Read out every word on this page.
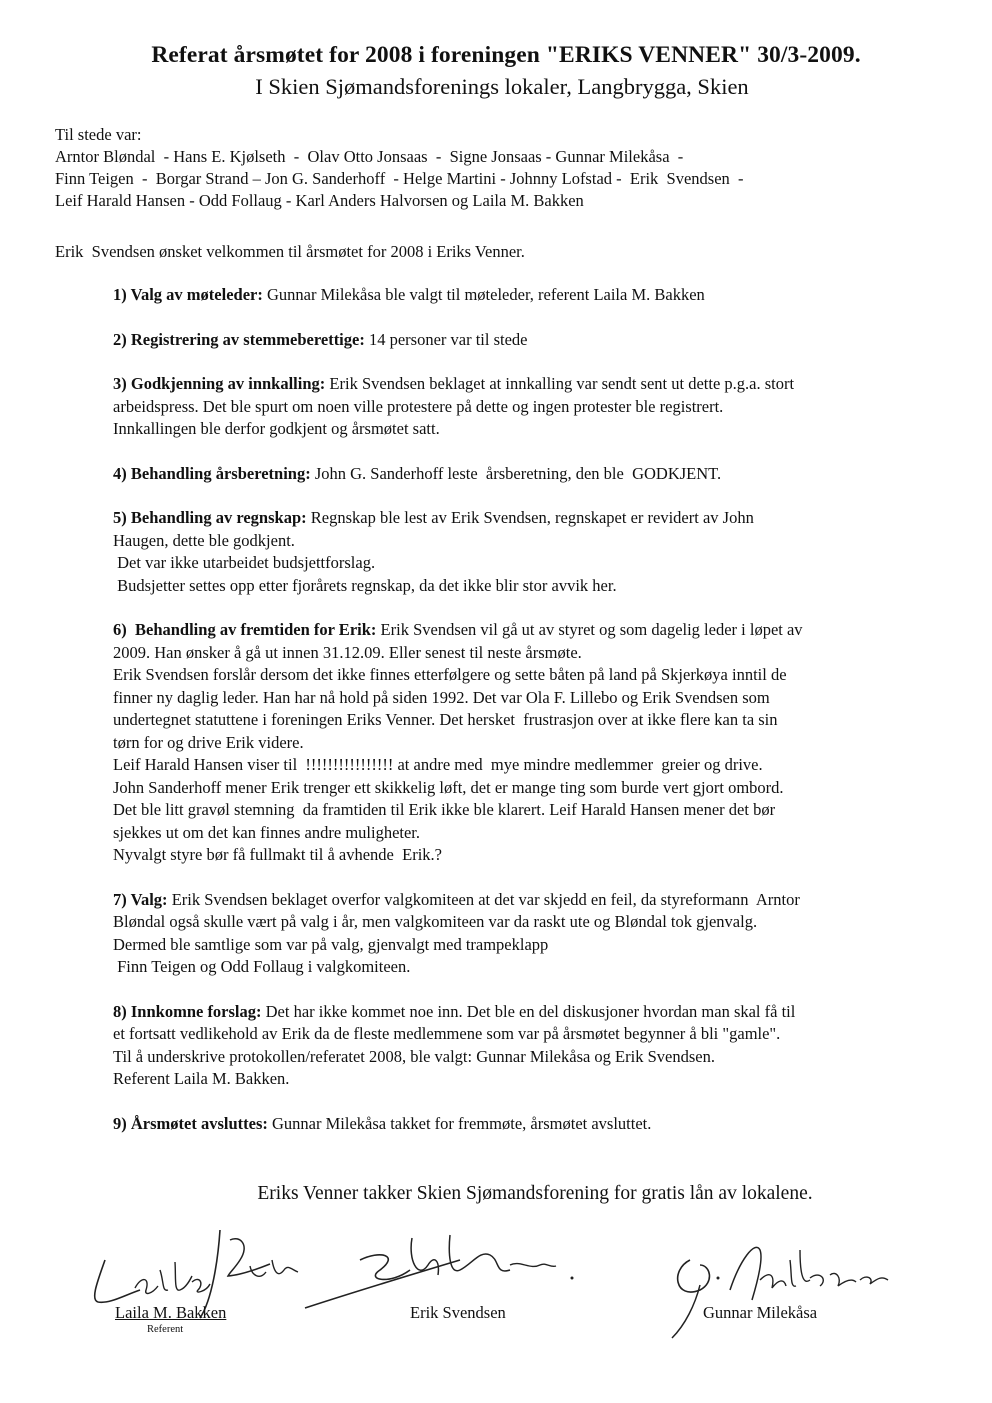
Referat årsmøtet for 2008 i foreningen "ERIKS VENNER" 30/3-2009.
I Skien Sjømandsforenings lokaler, Langbrygga, Skien
Til stede var:
Arntor Bløndal  - Hans E. Kjølseth  -  Olav Otto Jonsaas  -  Signe Jonsaas - Gunnar Milekåsa  -
Finn Teigen  -  Borgar Strand – Jon G. Sanderhoff  - Helge Martini - Johnny Lofstad -  Erik  Svendsen  -
Leif Harald Hansen - Odd Follaug - Karl Anders Halvorsen og Laila M. Bakken
Erik  Svendsen ønsket velkommen til årsmøtet for 2008 i Eriks Venner.
1) Valg av møteleder: Gunnar Milekåsa ble valgt til møteleder, referent Laila M. Bakken
2) Registrering av stemmeberettige: 14 personer var til stede
3) Godkjenning av innkalling: Erik Svendsen beklaget at innkalling var sendt sent ut dette p.g.a. stort
arbeidspress. Det ble spurt om noen ville protestere på dette og ingen protester ble registrert.
Innkallingen ble derfor godkjent og årsmøtet satt.
4) Behandling årsberetning: John G. Sanderhoff leste  årsberetning, den ble  GODKJENT.
5) Behandling av regnskap: Regnskap ble lest av Erik Svendsen, regnskapet er revidert av John
Haugen, dette ble godkjent.
Det var ikke utarbeidet budsjettforslag.
Budsjetter settes opp etter fjorårets regnskap, da det ikke blir stor avvik her.
6)  Behandling av fremtiden for Erik: Erik Svendsen vil gå ut av styret og som dagelig leder i løpet av
2009. Han ønsker å gå ut innen 31.12.09. Eller senest til neste årsmøte.
Erik Svendsen forslår dersom det ikke finnes etterfølgere og sette båten på land på Skjerkøya inntil de
finner ny daglig leder. Han har nå hold på siden 1992. Det var Ola F. Lillebo og Erik Svendsen som
undertegnet statuttene i foreningen Eriks Venner. Det hersket  frustrasjon over at ikke flere kan ta sin
tørn for og drive Erik videre.
Leif Harald Hansen viser til  !!!!!!!!!!!!!!!! at andre med  mye mindre medlemmer  greier og drive.
John Sanderhoff mener Erik trenger ett skikkelig løft, det er mange ting som burde vert gjort ombord.
Det ble litt gravøl stemning  da framtiden til Erik ikke ble klarert. Leif Harald Hansen mener det bør
sjekkes ut om det kan finnes andre muligheter.
Nyvalgt styre bør få fullmakt til å avhende  Erik.?
7) Valg: Erik Svendsen beklaget overfor valgkomiteen at det var skjedd en feil, da styreformann  Arntor
Bløndal også skulle vært på valg i år, men valgkomiteen var da raskt ute og Bløndal tok gjenvalg.
Dermed ble samtlige som var på valg, gjenvalgt med trampeklapp
Finn Teigen og Odd Follaug i valgkomiteen.
8) Innkomne forslag: Det har ikke kommet noe inn. Det ble en del diskusjoner hvordan man skal få til
et fortsatt vedlikehold av Erik da de fleste medlemmene som var på årsmøtet begynner å bli "gamle".
Til å underskrive protokollen/referatet 2008, ble valgt: Gunnar Milekåsa og Erik Svendsen.
Referent Laila M. Bakken.
9) Årsmøtet avsluttes: Gunnar Milekåsa takket for fremmøte, årsmøtet avsluttet.
Eriks Venner takker Skien Sjømandsforening for gratis lån av lokalene.
Laila M. Bakken
Referent
Erik Svendsen	Gunnar Milekåsa
